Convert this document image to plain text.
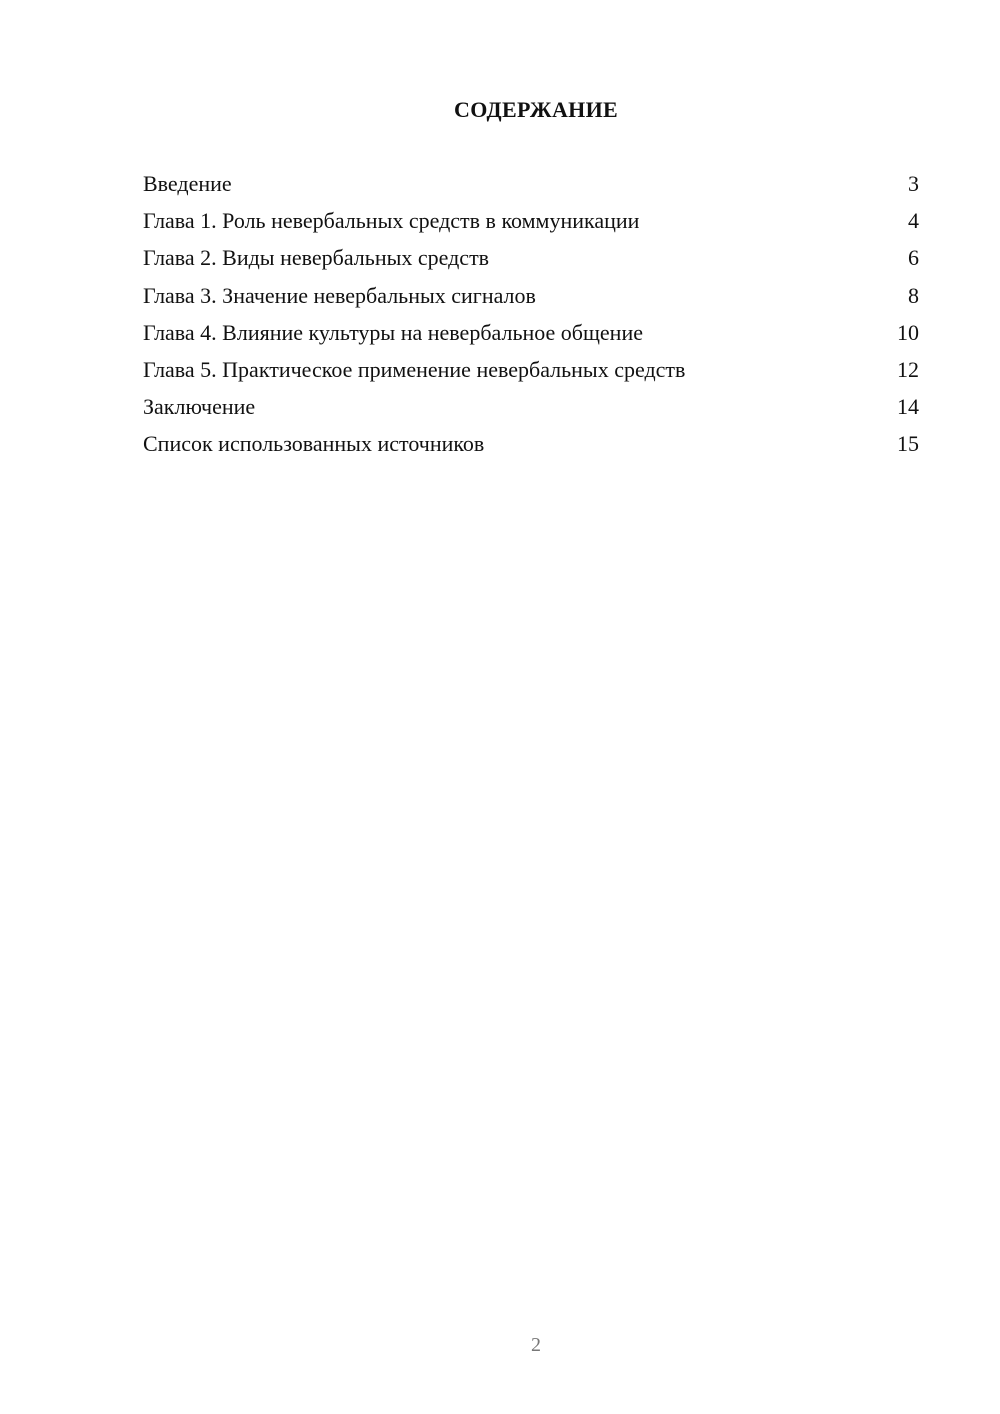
СОДЕРЖАНИЕ
Введение	3
Глава 1. Роль невербальных средств в коммуникации	4
Глава 2. Виды невербальных средств	6
Глава 3. Значение невербальных сигналов	8
Глава 4. Влияние культуры на невербальное общение	10
Глава 5. Практическое применение невербальных средств	12
Заключение	14
Список использованных источников	15
2
